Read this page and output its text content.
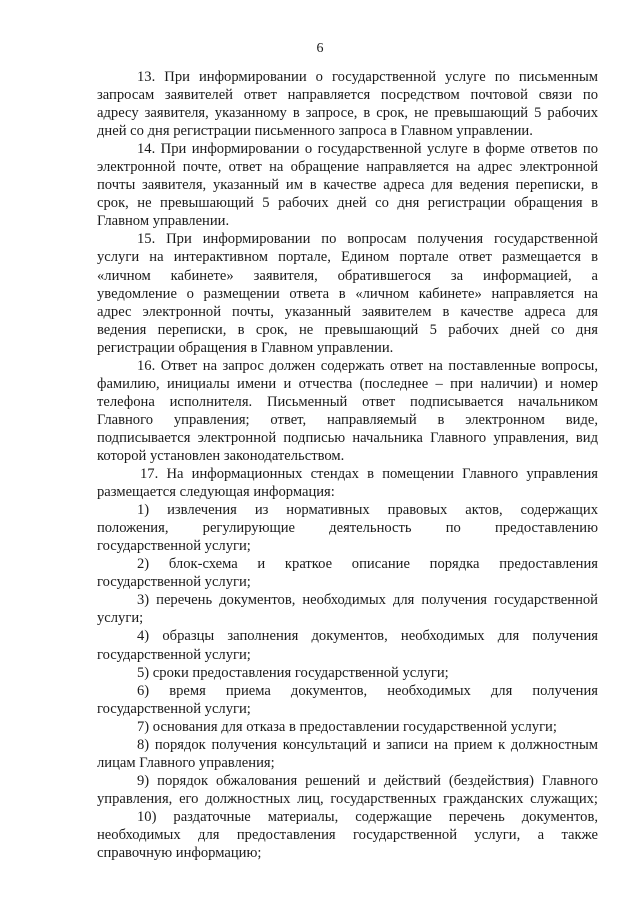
6
13. При информировании о государственной услуге по письменным
запросам заявителей ответ направляется посредством почтовой связи по
адресу заявителя, указанному в запросе, в срок, не превышающий 5 рабочих
дней со дня регистрации письменного запроса в Главном управлении.
14. При информировании о государственной услуге в форме ответов по
электронной почте, ответ на обращение направляется на адрес электронной
почты заявителя, указанный им в качестве адреса для ведения переписки, в
срок, не превышающий 5 рабочих дней со дня регистрации обращения в
Главном управлении.
15. При информировании по вопросам получения государственной
услуги на интерактивном портале, Едином портале ответ размещается в
«личном кабинете» заявителя, обратившегося за информацией, а
уведомление о размещении ответа в «личном кабинете» направляется на
адрес электронной почты, указанный заявителем в качестве адреса для
ведения переписки, в срок, не превышающий 5 рабочих дней со дня
регистрации обращения в Главном управлении.
16. Ответ на запрос должен содержать ответ на поставленные вопросы,
фамилию, инициалы имени и отчества (последнее – при наличии) и номер
телефона исполнителя. Письменный ответ подписывается начальником
Главного управления; ответ, направляемый в электронном виде,
подписывается электронной подписью начальника Главного управления, вид
которой установлен законодательством.
17. На информационных стендах в помещении Главного управления
размещается следующая информация:
1) извлечения из нормативных правовых актов, содержащих
положения, регулирующие деятельность по предоставлению
государственной услуги;
2) блок-схема и краткое описание порядка предоставления
государственной услуги;
3) перечень документов, необходимых для получения государственной
услуги;
4) образцы заполнения документов, необходимых для получения
государственной услуги;
5) сроки предоставления государственной услуги;
6) время приема документов, необходимых для получения
государственной услуги;
7) основания для отказа в предоставлении государственной услуги;
8) порядок получения консультаций и записи на прием к должностным
лицам Главного управления;
9) порядок обжалования решений и действий (бездействия) Главного
управления, его должностных лиц, государственных гражданских служащих;
10) раздаточные материалы, содержащие перечень документов,
необходимых для предоставления государственной услуги, а также
справочную информацию;
